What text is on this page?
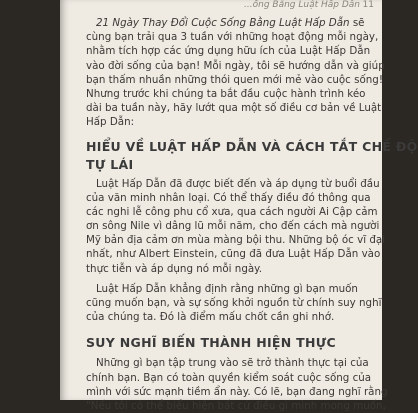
...ống Bằng Luật Hấp Dẫn 11
21 Ngày Thay Đổi Cuộc Sống Bằng Luật Hấp Dẫn sẽ
cùng bạn trải qua 3 tuần với những hoạt động mỗi ngày,
nhằm tích hợp các ứng dụng hữu ích của Luật Hấp Dẫn
vào đời sống của bạn! Mỗi ngày, tôi sẽ hướng dẫn và giúp
bạn thấm nhuần những thói quen mới mẻ vào cuộc sống!
Nhưng trước khi chúng ta bắt đầu cuộc hành trình kéo
dài ba tuần này, hãy lướt qua một số điều cơ bản về Luật
Hấp Dẫn:
HIỂU VỀ LUẬT HẤP DẪN VÀ CÁCH TẮT CHẾ ĐỘ
TỰ LÁI
Luật Hấp Dẫn đã được biết đến và áp dụng từ buổi đầu
của văn minh nhân loại. Có thể thấy điều đó thông qua
các nghi lễ công phu cổ xưa, qua cách người Ai Cập cảm
ơn sông Nile vì dâng lũ mỗi năm, cho đến cách mà người
Mỹ bản địa cảm ơn mùa màng bội thu. Những bộ óc vĩ đại
nhất, như Albert Einstein, cũng đã đưa Luật Hấp Dẫn vào
thực tiễn và áp dụng nó mỗi ngày.
Luật Hấp Dẫn khẳng định rằng những gì bạn muốn
cũng muốn bạn, và sự sống khởi nguồn từ chính suy nghĩ
của chúng ta. Đó là điểm mấu chốt cần ghi nhớ.
SUY NGHĨ BIẾN THÀNH HIỆN THỰC
Những gì bạn tập trung vào sẽ trở thành thực tại của
chính bạn. Bạn có toàn quyền kiểm soát cuộc sống của
mình với sức mạnh tiềm ẩn này. Có lẽ, bạn đang nghĩ rằng
"Nếu tôi có thể biểu hiện bất cứ điều gì mình mong muốn,
